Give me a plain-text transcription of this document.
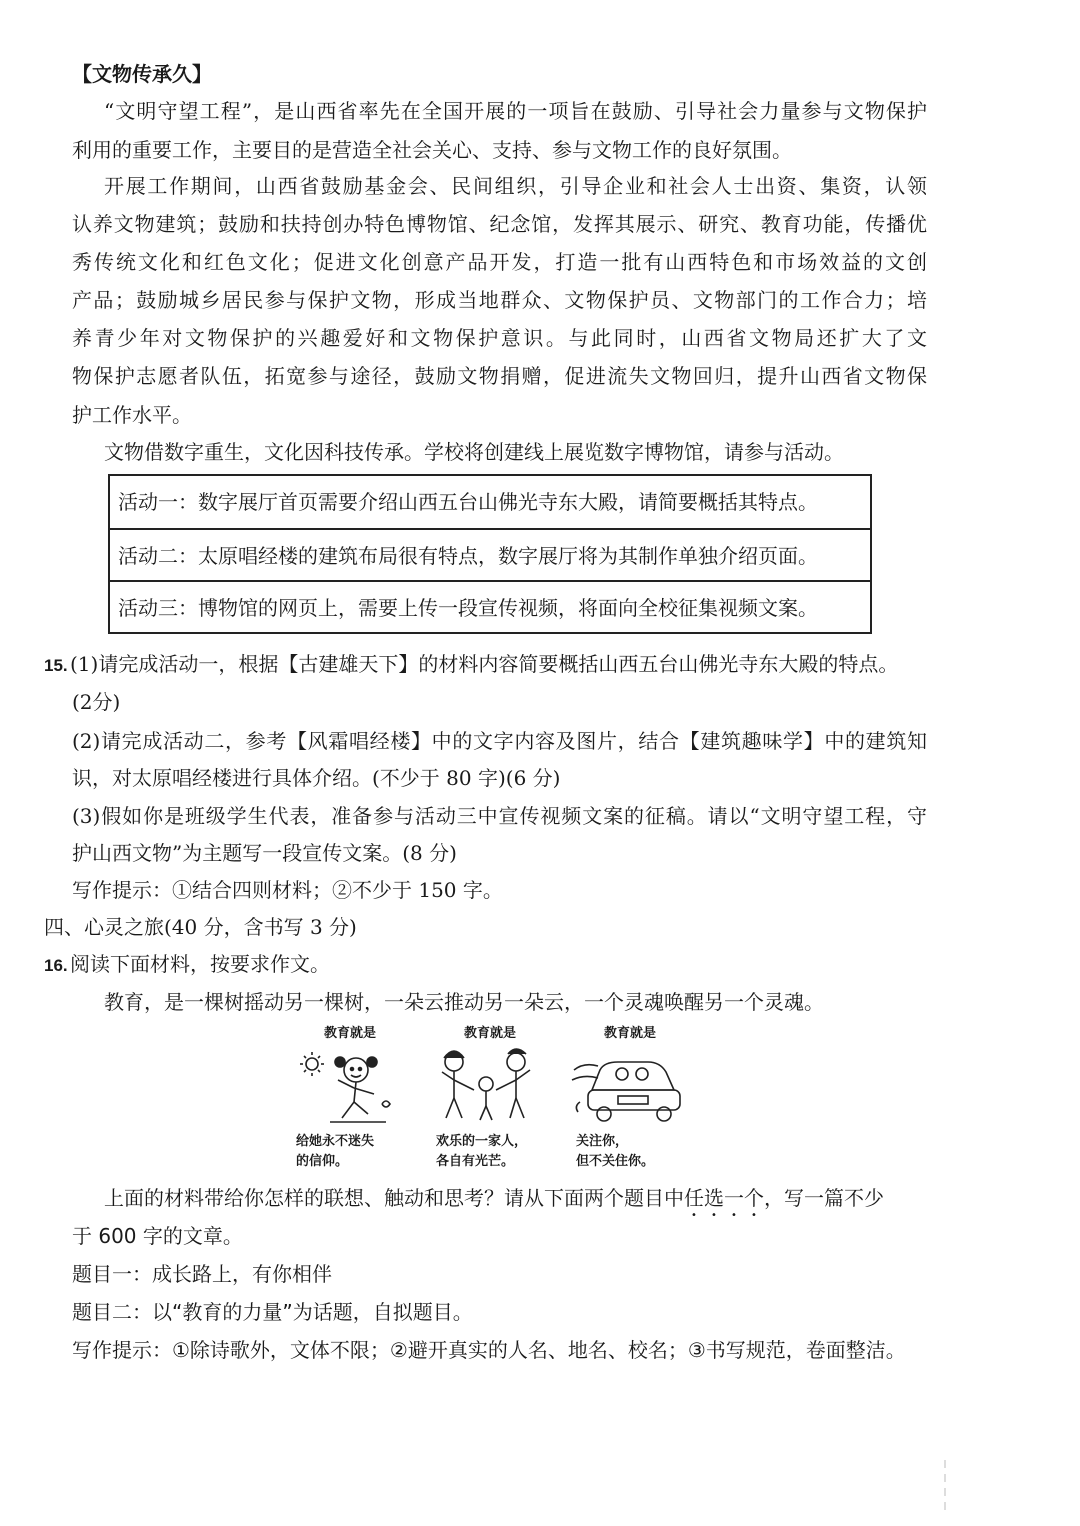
【文物传承久】
“文明守望工程”，是山西省率先在全国开展的一项旨在鼓励、引导社会力量参与文物保护
利用的重要工作，主要目的是营造全社会关心、支持、参与文物工作的良好氛围。
开展工作期间，山西省鼓励基金会、民间组织，引导企业和社会人士出资、集资，认领
认养文物建筑；鼓励和扶持创办特色博物馆、纪念馆，发挥其展示、研究、教育功能，传播优
秀传统文化和红色文化；促进文化创意产品开发，打造一批有山西特色和市场效益的文创
产品；鼓励城乡居民参与保护文物，形成当地群众、文物保护员、文物部门的工作合力；培
养青少年对文物保护的兴趣爱好和文物保护意识。与此同时，山西省文物局还扩大了文
物保护志愿者队伍，拓宽参与途径，鼓励文物捐赠，促进流失文物回归，提升山西省文物保
护工作水平。
文物借数字重生，文化因科技传承。学校将创建线上展览数字博物馆，请参与活动。
活动一：数字展厅首页需要介绍山西五台山佛光寺东大殿，请简要概括其特点。
活动二：太原唱经楼的建筑布局很有特点，数字展厅将为其制作单独介绍页面。
活动三：博物馆的网页上，需要上传一段宣传视频，将面向全校征集视频文案。
15. (1)请完成活动一，根据【古建雄天下】的材料内容简要概括山西五台山佛光寺东大殿的特点。
(2分)
(2)请完成活动二，参考【风霜唱经楼】中的文字内容及图片，结合【建筑趣味学】中的建筑知
识，对太原唱经楼进行具体介绍。(不少于 80 字)(6 分)
(3)假如你是班级学生代表，准备参与活动三中宣传视频文案的征稿。请以“文明守望工程，守
护山西文物”为主题写一段宣传文案。(8 分)
写作提示：①结合四则材料；②不少于 150 字。
四、心灵之旅(40 分，含书写 3 分)
16. 阅读下面材料，按要求作文。
教育，是一棵树摇动另一棵树，一朵云推动另一朵云，一个灵魂唤醒另一个灵魂。
教育就是
给她永不迷失
的信仰。
教育就是
欢乐的一家人，
各自有光芒。
教育就是
关注你，
但不关住你。
上面的材料带给你怎样的联想、触动和思考？请从下面两个题目中任选一个，写一篇不少
于 600 字的文章。
题目一：成长路上，有你相伴
题目二：以“教育的力量”为话题，自拟题目。
写作提示：①除诗歌外，文体不限；②避开真实的人名、地名、校名；③书写规范，卷面整洁。
